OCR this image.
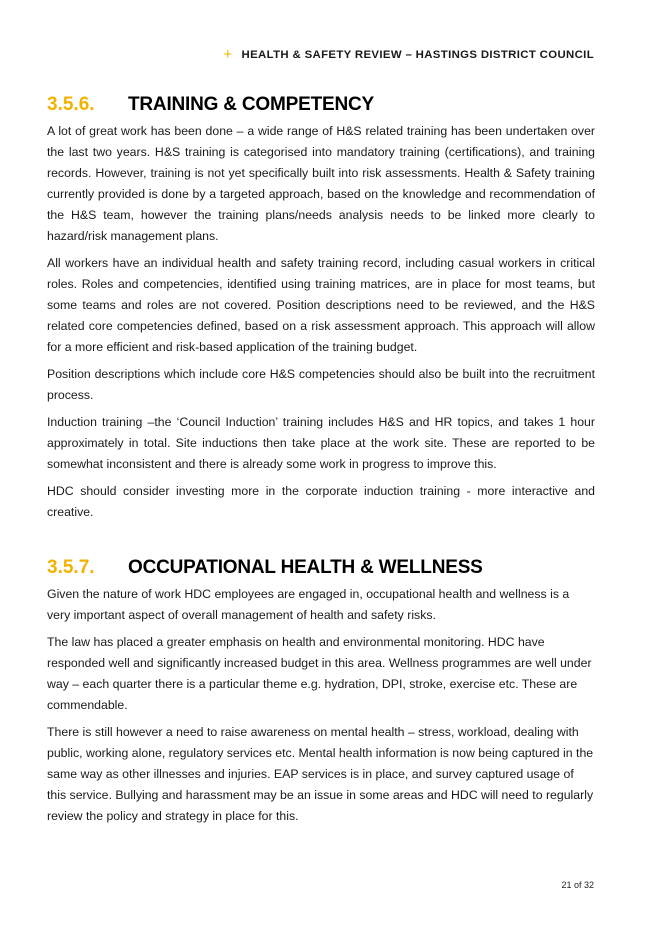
+ HEALTH & SAFETY REVIEW – HASTINGS DISTRICT COUNCIL
3.5.6.	TRAINING & COMPETENCY

A lot of great work has been done – a wide range of H&S related training has been undertaken over the last two years. H&S training is categorised into mandatory training (certifications), and training records. However, training is not yet specifically built into risk assessments. Health & Safety training currently provided is done by a targeted approach, based on the knowledge and recommendation of the H&S team, however the training plans/needs analysis needs to be linked more clearly to hazard/risk management plans.

All workers have an individual health and safety training record, including casual workers in critical roles. Roles and competencies, identified using training matrices, are in place for most teams, but some teams and roles are not covered. Position descriptions need to be reviewed, and the H&S related core competencies defined, based on a risk assessment approach. This approach will allow for a more efficient and risk-based application of the training budget.

Position descriptions which include core H&S competencies should also be built into the recruitment process.

Induction training –the ‘Council Induction’ training includes H&S and HR topics, and takes 1 hour approximately in total. Site inductions then take place at the work site. These are reported to be somewhat inconsistent and there is already some work in progress to improve this.

HDC should consider investing more in the corporate induction training - more interactive and creative.

3.5.7.	OCCUPATIONAL HEALTH & WELLNESS

Given the nature of work HDC employees are engaged in, occupational health and wellness is a very important aspect of overall management of health and safety risks.

The law has placed a greater emphasis on health and environmental monitoring. HDC have responded well and significantly increased budget in this area. Wellness programmes are well under way – each quarter there is a particular theme e.g. hydration, DPI, stroke, exercise etc. These are commendable.

There is still however a need to raise awareness on mental health – stress, workload, dealing with public, working alone, regulatory services etc. Mental health information is now being captured in the same way as other illnesses and injuries. EAP services is in place, and survey captured usage of this service. Bullying and harassment may be an issue in some areas and HDC will need to regularly review the policy and strategy in place for this.

21 of 32
